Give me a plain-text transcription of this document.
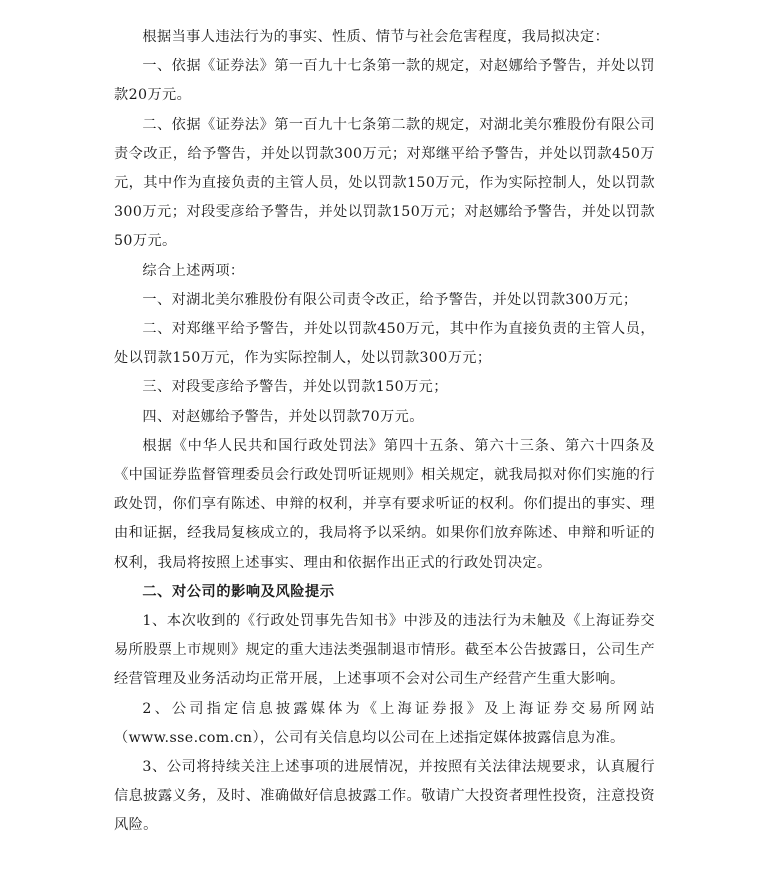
根据当事人违法行为的事实、性质、情节与社会危害程度，我局拟决定：

一、依据《证券法》第一百九十七条第一款的规定，对赵娜给予警告，并处以罚款20万元。

二、依据《证券法》第一百九十七条第二款的规定，对湖北美尔雅股份有限公司责令改正，给予警告，并处以罚款300万元；对郑继平给予警告，并处以罚款450万元，其中作为直接负责的主管人员，处以罚款150万元，作为实际控制人，处以罚款300万元；对段雯彦给予警告，并处以罚款150万元；对赵娜给予警告，并处以罚款50万元。

综合上述两项：

一、对湖北美尔雅股份有限公司责令改正，给予警告，并处以罚款300万元；

二、对郑继平给予警告，并处以罚款450万元，其中作为直接负责的主管人员，处以罚款150万元，作为实际控制人，处以罚款300万元；

三、对段雯彦给予警告，并处以罚款150万元；

四、对赵娜给予警告，并处以罚款70万元。

根据《中华人民共和国行政处罚法》第四十五条、第六十三条、第六十四条及《中国证券监督管理委员会行政处罚听证规则》相关规定，就我局拟对你们实施的行政处罚，你们享有陈述、申辩的权利，并享有要求听证的权利。你们提出的事实、理由和证据，经我局复核成立的，我局将予以采纳。如果你们放弃陈述、申辩和听证的权利，我局将按照上述事实、理由和依据作出正式的行政处罚决定。

二、对公司的影响及风险提示

1、本次收到的《行政处罚事先告知书》中涉及的违法行为未触及《上海证券交易所股票上市规则》规定的重大违法类强制退市情形。截至本公告披露日，公司生产经营管理及业务活动均正常开展，上述事项不会对公司生产经营产生重大影响。

2、公司指定信息披露媒体为《上海证券报》及上海证券交易所网站（www.sse.com.cn），公司有关信息均以公司在上述指定媒体披露信息为准。

3、公司将持续关注上述事项的进展情况，并按照有关法律法规要求，认真履行信息披露义务，及时、准确做好信息披露工作。敬请广大投资者理性投资，注意投资风险。
